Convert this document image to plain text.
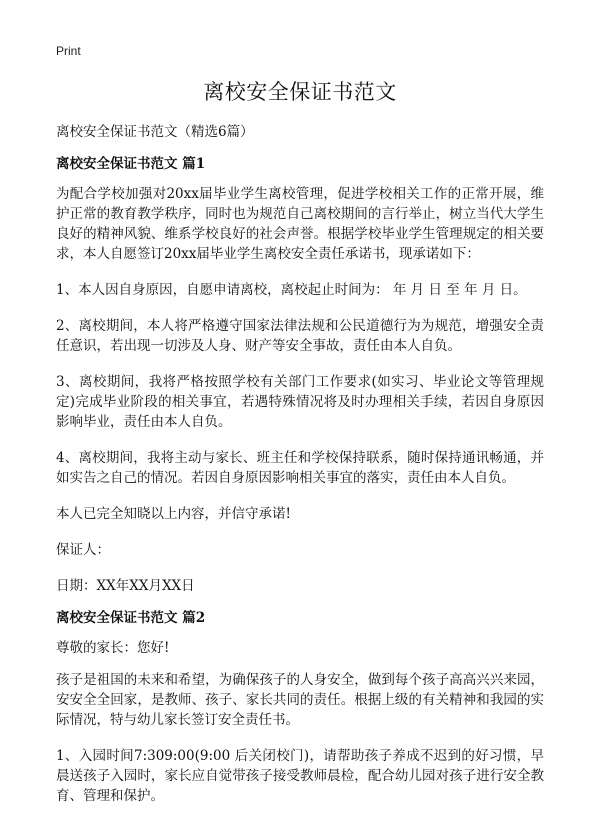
Print
离校安全保证书范文

离校安全保证书范文（精选6篇）

离校安全保证书范文 篇1

为配合学校加强对20xx届毕业学生离校管理，促进学校相关工作的正常开展，维护正常的教育教学秩序，同时也为规范自己离校期间的言行举止，树立当代大学生良好的精神风貌、维系学校良好的社会声誉。根据学校毕业学生管理规定的相关要求，本人自愿签订20xx届毕业学生离校安全责任承诺书，现承诺如下：

1、本人因自身原因，自愿申请离校，离校起止时间为： 年 月 日 至 年 月 日。

2、离校期间，本人将严格遵守国家法律法规和公民道德行为为规范，增强安全责任意识，若出现一切涉及人身、财产等安全事故，责任由本人自负。

3、离校期间，我将严格按照学校有关部门工作要求(如实习、毕业论文等管理规定)完成毕业阶段的相关事宜，若遇特殊情况将及时办理相关手续，若因自身原因影响毕业，责任由本人自负。

4、离校期间，我将主动与家长、班主任和学校保持联系，随时保持通讯畅通，并如实告之自己的情况。若因自身原因影响相关事宜的落实，责任由本人自负。

本人已完全知晓以上内容，并信守承诺!

保证人：

日期：XX年XX月XX日

离校安全保证书范文 篇2

尊敬的家长：您好!

孩子是祖国的未来和希望，为确保孩子的人身安全，做到每个孩子高高兴兴来园，安安全全回家，是教师、孩子、家长共同的责任。根据上级的有关精神和我园的实际情况，特与幼儿家长签订安全责任书。

1、入园时间7:309:00(9:00 后关闭校门)，请帮助孩子养成不迟到的好习惯，早晨送孩子入园时，家长应自觉带孩子接受教师晨检，配合幼儿园对孩子进行安全教育、管理和保护。
